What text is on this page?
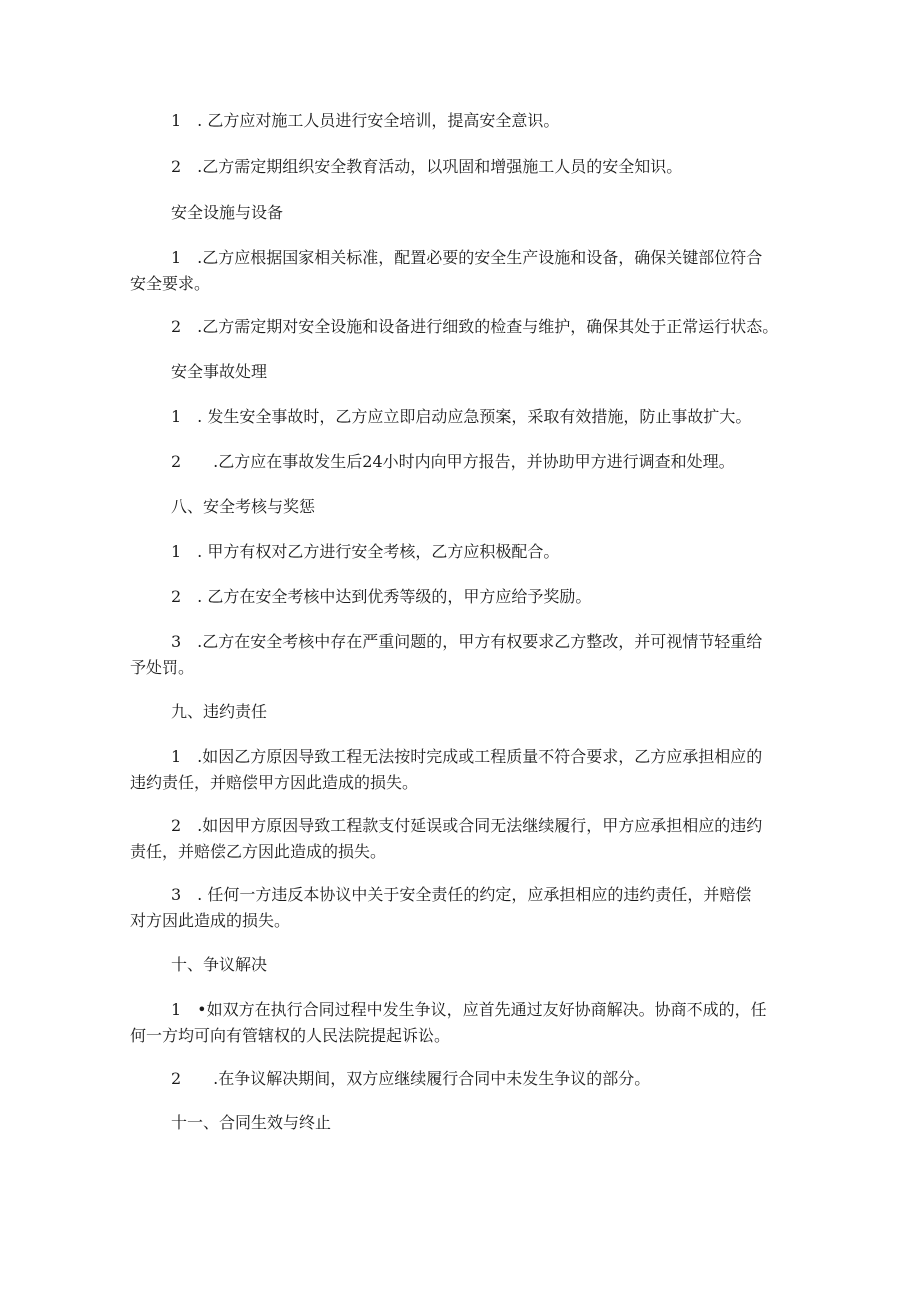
1　. 乙方应对施工人员进行安全培训，提高安全意识。
2　.乙方需定期组织安全教育活动，以巩固和增强施工人员的安全知识。
安全设施与设备
1　.乙方应根据国家相关标准，配置必要的安全生产设施和设备，确保关键部位符合
安全要求。
2　.乙方需定期对安全设施和设备进行细致的检查与维护，确保其处于正常运行状态。
安全事故处理
1　. 发生安全事故时，乙方应立即启动应急预案，采取有效措施，防止事故扩大。
2　　.乙方应在事故发生后24小时内向甲方报告，并协助甲方进行调查和处理。
八、安全考核与奖惩
1　. 甲方有权对乙方进行安全考核，乙方应积极配合。
2　. 乙方在安全考核中达到优秀等级的，甲方应给予奖励。
3　.乙方在安全考核中存在严重问题的，甲方有权要求乙方整改，并可视情节轻重给
予处罚。
九、违约责任
1　.如因乙方原因导致工程无法按时完成或工程质量不符合要求，乙方应承担相应的
违约责任，并赔偿甲方因此造成的损失。
2　.如因甲方原因导致工程款支付延误或合同无法继续履行，甲方应承担相应的违约
责任，并赔偿乙方因此造成的损失。
3　. 任何一方违反本协议中关于安全责任的约定，应承担相应的违约责任，并赔偿
对方因此造成的损失。
十、争议解决
1　•如双方在执行合同过程中发生争议，应首先通过友好协商解决。协商不成的，任
何一方均可向有管辖权的人民法院提起诉讼。
2　　.在争议解决期间，双方应继续履行合同中未发生争议的部分。
十一、合同生效与终止
